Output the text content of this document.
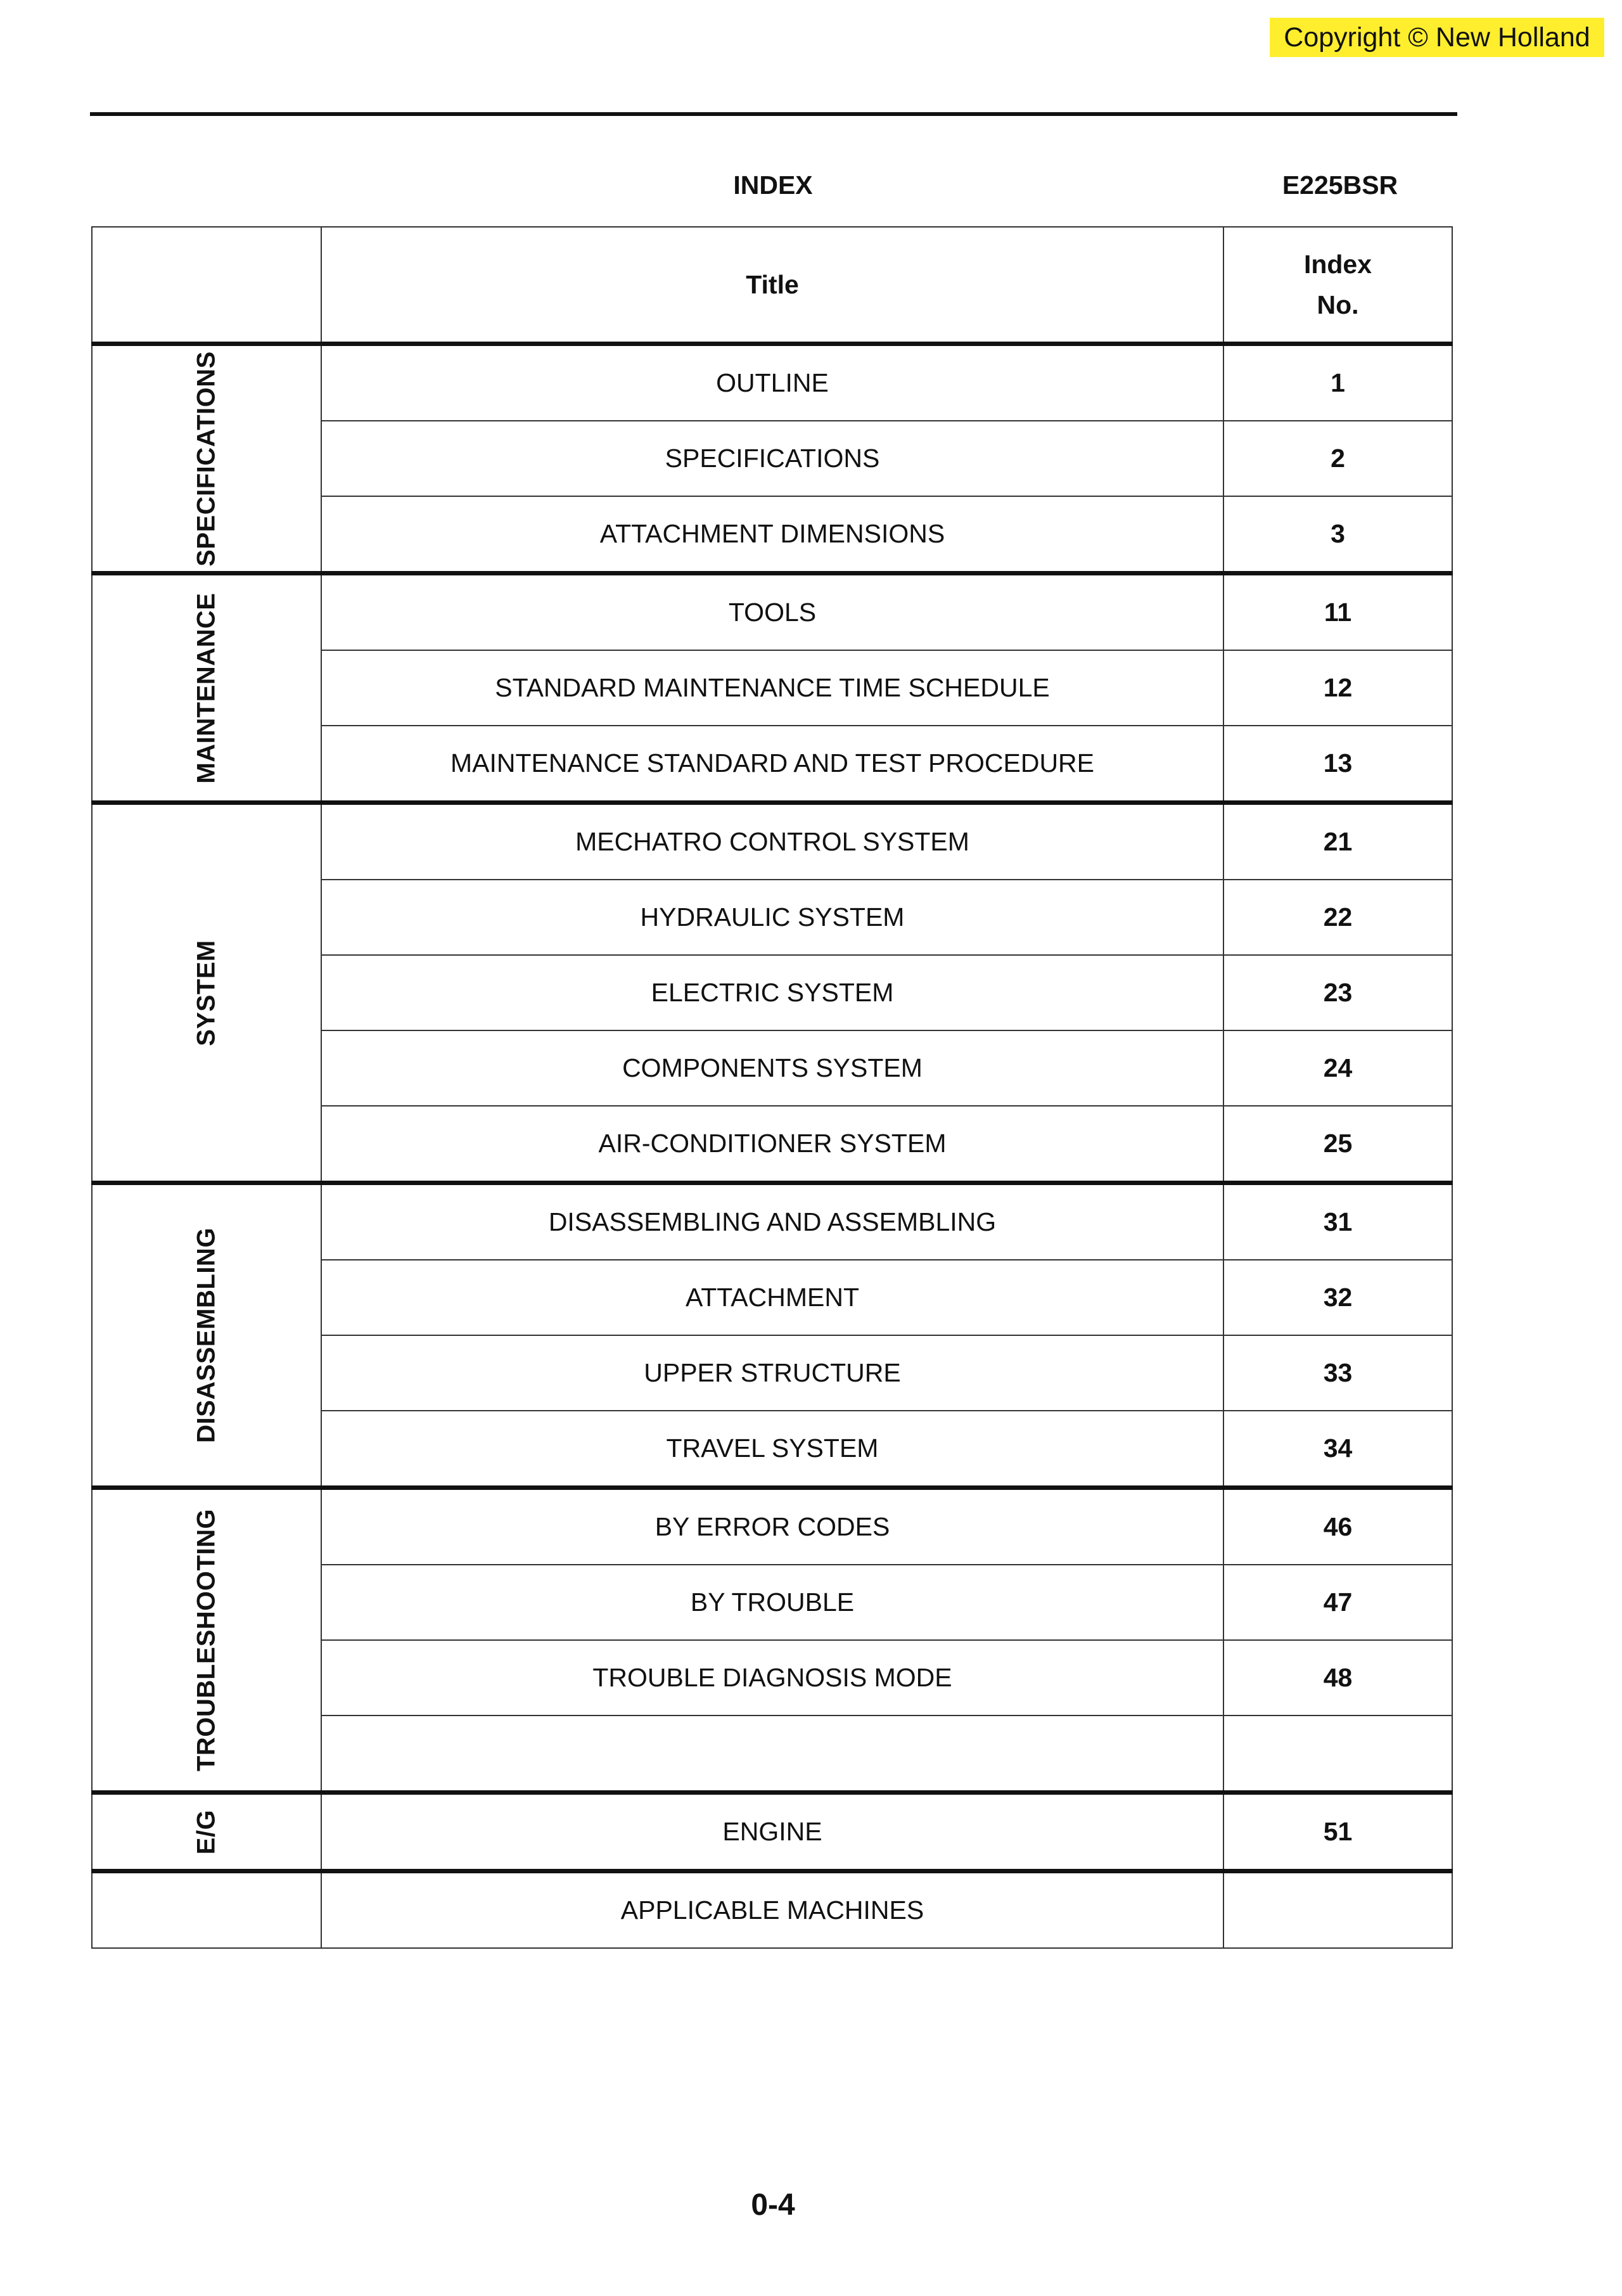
Copyright © New Holland
INDEX	E225BSR
	Title	Index
No.

SPECIFICATIONS	OUTLINE	1
	SPECIFICATIONS	2
	ATTACHMENT DIMENSIONS	3

MAINTENANCE	TOOLS	11
	STANDARD MAINTENANCE TIME SCHEDULE	12
	MAINTENANCE STANDARD AND TEST PROCEDURE	13

SYSTEM	MECHATRO CONTROL SYSTEM	21
	HYDRAULIC SYSTEM	22
	ELECTRIC SYSTEM	23
	COMPONENTS SYSTEM	24
	AIR-CONDITIONER SYSTEM	25

DISASSEMBLING	DISASSEMBLING AND ASSEMBLING	31
	ATTACHMENT	32
	UPPER STRUCTURE	33
	TRAVEL SYSTEM	34

TROUBLESHOOTING	BY ERROR CODES	46
	BY TROUBLE	47
	TROUBLE DIAGNOSIS MODE	48

E/G	ENGINE	51

	APPLICABLE MACHINES	
0-4
